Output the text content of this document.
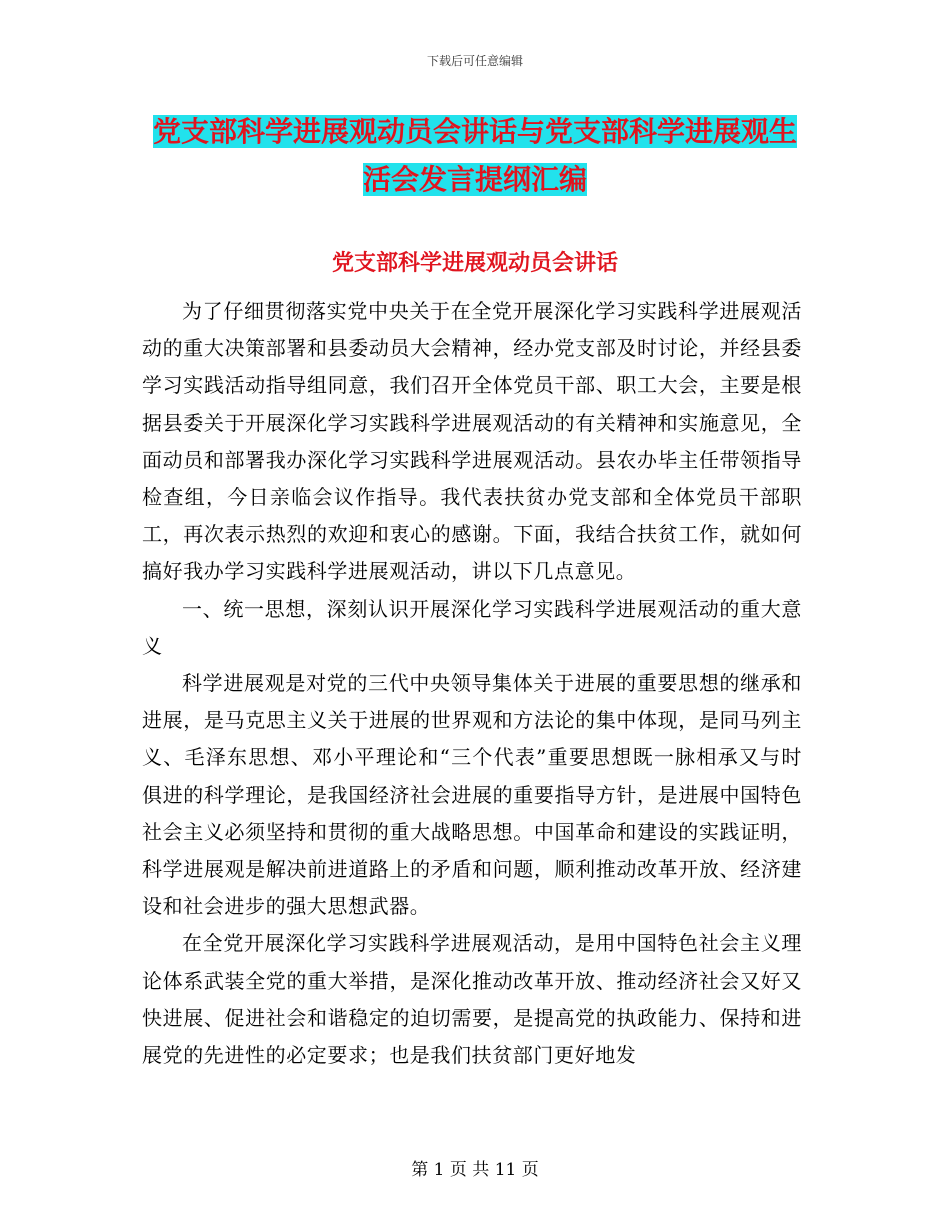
下载后可任意编辑
党支部科学进展观动员会讲话与党支部科学进展观生
活会发言提纲汇编
党支部科学进展观动员会讲话

为了仔细贯彻落实党中央关于在全党开展深化学习实践科学进展观活动的重大决策部署和县委动员大会精神，经办党支部及时讨论，并经县委学习实践活动指导组同意，我们召开全体党员干部、职工大会，主要是根据县委关于开展深化学习实践科学进展观活动的有关精神和实施意见，全面动员和部署我办深化学习实践科学进展观活动。县农办毕主任带领指导检查组，今日亲临会议作指导。我代表扶贫办党支部和全体党员干部职工，再次表示热烈的欢迎和衷心的感谢。下面，我结合扶贫工作，就如何搞好我办学习实践科学进展观活动，讲以下几点意见。

一、统一思想，深刻认识开展深化学习实践科学进展观活动的重大意义

科学进展观是对党的三代中央领导集体关于进展的重要思想的继承和进展，是马克思主义关于进展的世界观和方法论的集中体现，是同马列主义、毛泽东思想、邓小平理论和“三个代表”重要思想既一脉相承又与时俱进的科学理论，是我国经济社会进展的重要指导方针，是进展中国特色社会主义必须坚持和贯彻的重大战略思想。中国革命和建设的实践证明，科学进展观是解决前进道路上的矛盾和问题，顺利推动改革开放、经济建设和社会进步的强大思想武器。

在全党开展深化学习实践科学进展观活动，是用中国特色社会主义理论体系武装全党的重大举措，是深化推动改革开放、推动经济社会又好又快进展、促进社会和谐稳定的迫切需要，是提高党的执政能力、保持和进展党的先进性的必定要求；也是我们扶贫部门更好地发

第 1 页 共 11 页
